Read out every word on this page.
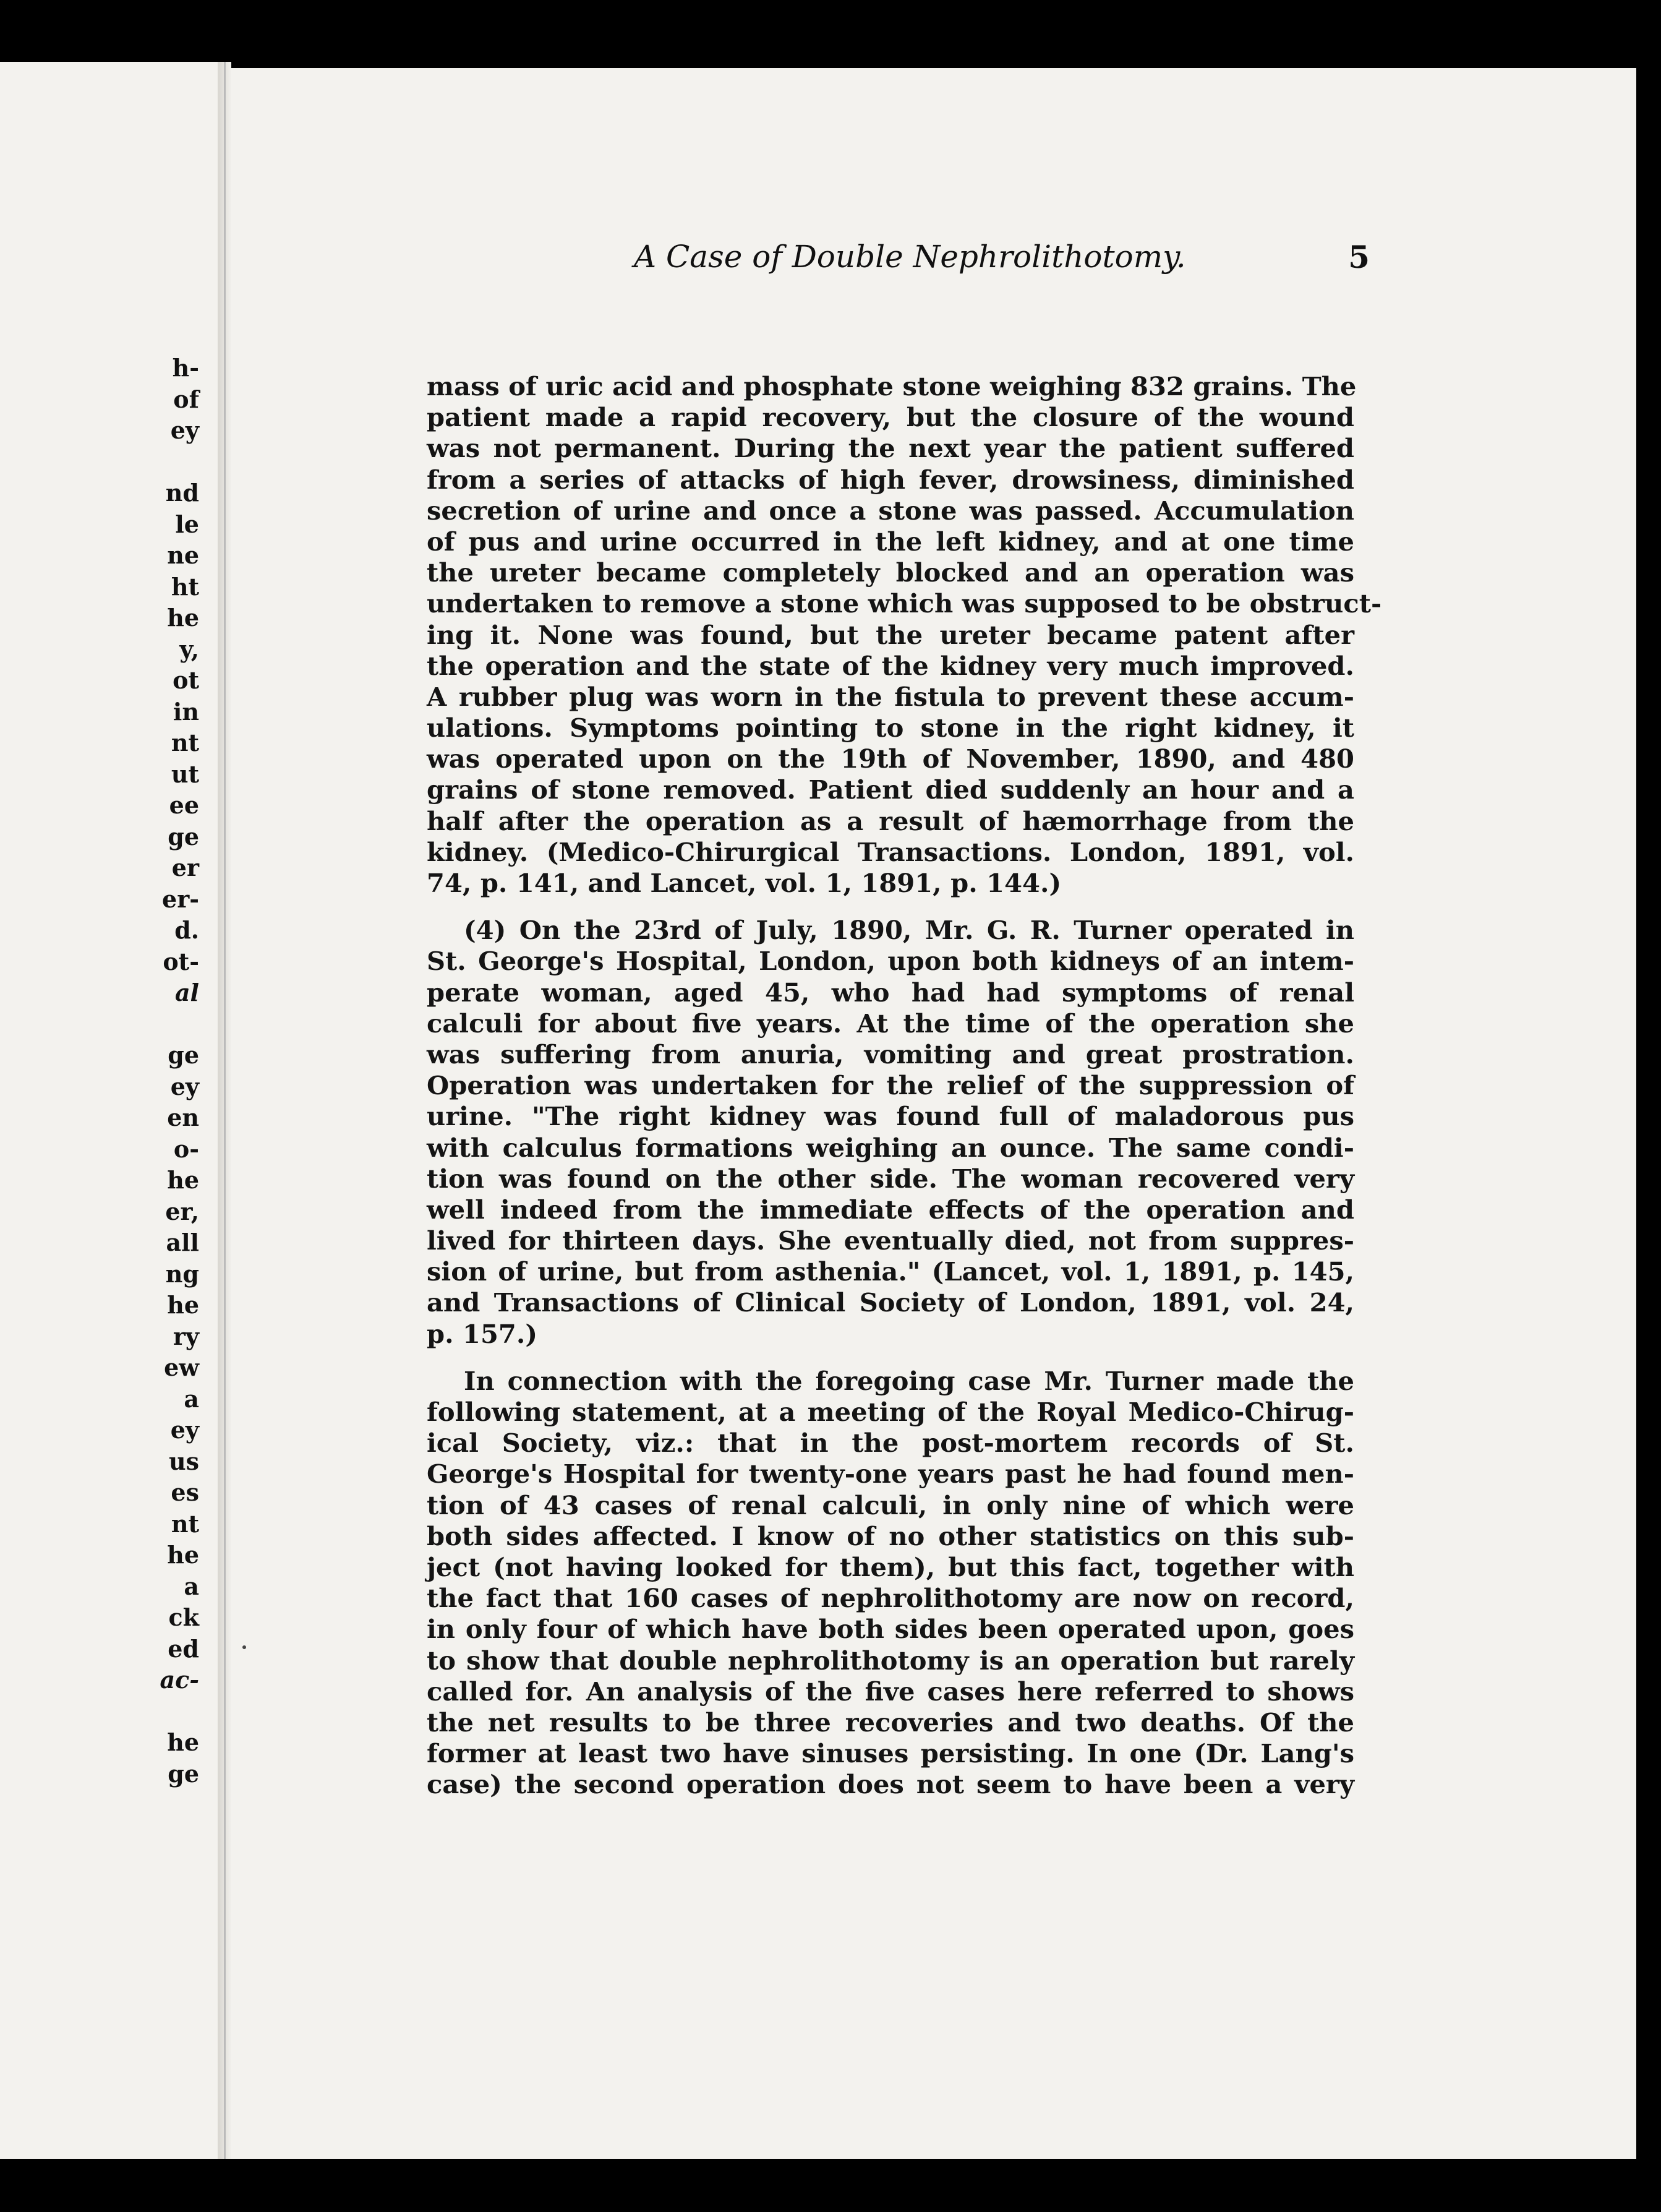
h-
of
ey
nd
le
ne
ht
he
y,
ot
in
nt
ut
ee
ge
er
er-
d.
ot-
al
ge
ey
en
o-
he
er,
all
ng
he
ry
ew
a
ey
us
es
nt
he
a
ck
ed
ac-
he
ge
A Case of Double Nephrolithotomy.	5
mass of uric acid and phosphate stone weighing 832 grains. The
patient made a rapid recovery, but the closure of the wound
was not permanent. During the next year the patient suffered
from a series of attacks of high fever, drowsiness, diminished
secretion of urine and once a stone was passed. Accumulation
of pus and urine occurred in the left kidney, and at one time
the ureter became completely blocked and an operation was
undertaken to remove a stone which was supposed to be obstruct-
ing it. None was found, but the ureter became patent after
the operation and the state of the kidney very much improved.
A rubber plug was worn in the fistula to prevent these accum-
ulations. Symptoms pointing to stone in the right kidney, it
was operated upon on the 19th of November, 1890, and 480
grains of stone removed. Patient died suddenly an hour and a
half after the operation as a result of hæmorrhage from the
kidney. (Medico-Chirurgical Transactions. London, 1891, vol.
74, p. 141, and Lancet, vol. 1, 1891, p. 144.)
(4) On the 23rd of July, 1890, Mr. G. R. Turner operated in
St. George's Hospital, London, upon both kidneys of an intem-
perate woman, aged 45, who had had symptoms of renal
calculi for about five years. At the time of the operation she
was suffering from anuria, vomiting and great prostration.
Operation was undertaken for the relief of the suppression of
urine. "The right kidney was found full of maladorous pus
with calculus formations weighing an ounce. The same condi-
tion was found on the other side. The woman recovered very
well indeed from the immediate effects of the operation and
lived for thirteen days. She eventually died, not from suppres-
sion of urine, but from asthenia." (Lancet, vol. 1, 1891, p. 145,
and Transactions of Clinical Society of London, 1891, vol. 24,
p. 157.)
In connection with the foregoing case Mr. Turner made the
following statement, at a meeting of the Royal Medico-Chirug-
ical Society, viz.: that in the post-mortem records of St.
George's Hospital for twenty-one years past he had found men-
tion of 43 cases of renal calculi, in only nine of which were
both sides affected. I know of no other statistics on this sub-
ject (not having looked for them), but this fact, together with
the fact that 160 cases of nephrolithotomy are now on record,
in only four of which have both sides been operated upon, goes
to show that double nephrolithotomy is an operation but rarely
called for. An analysis of the five cases here referred to shows
the net results to be three recoveries and two deaths. Of the
former at least two have sinuses persisting. In one (Dr. Lang's
case) the second operation does not seem to have been a very
